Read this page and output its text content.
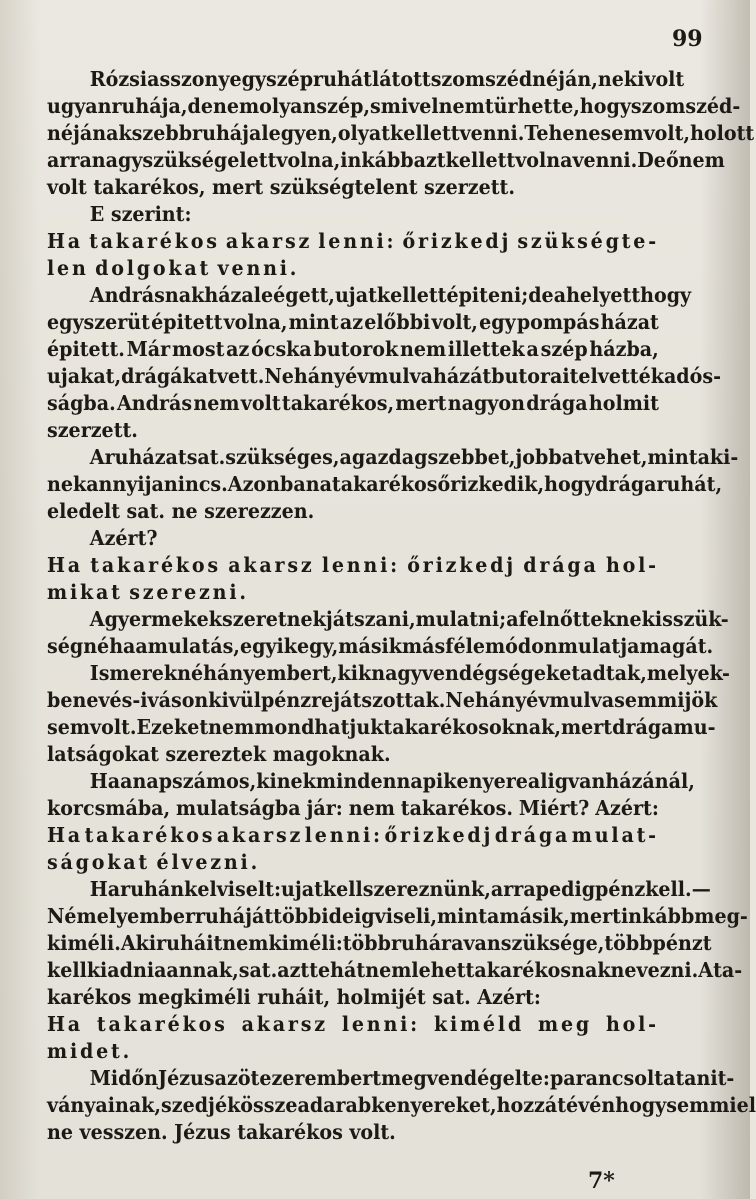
99
Rózsi asszony egy szép ruhát látott szomszédnéján, neki volt
ugyan ruhája, de nem olyan szép, s mivel nem türhette, hogy szomszéd-
néjának szebb ruhája legyen, olyat kellett venni. Tehene sem volt, holott
arra nagy szüksége lett volna, inkább azt kellett volna venni. De ő nem
volt takarékos, mert szükségtelent szerzett.
E szerint:
Ha takarékos akarsz lenni: őrizkedj szükségte-
len dolgokat venni.
Andrásnak háza leégett, ujat kellett épiteni; de a helyett hogy
egyszerüt épitett volna, mint az előbbi volt, egy pompás házat
épitett. Már most az ócska butorok nem illettek a szép házba,
ujakat, drágákat vett. Nehány év mulva házát butorait elvették adós-
ságba. András nem volt takarékos, mert nagyon drága holmit
szerzett.
A ruházat sat. szükséges, a gazdag szebbet, jobbat vehet, mint a ki-
nek annyija nincs. Azonban a takarékos őrizkedik, hogy drága ruhát,
eledelt sat. ne szerezzen.
Azért?
Ha takarékos akarsz lenni: őrizkedj drága hol-
mikat szerezni.
A gyermekek szeretnek játszani, mulatni; a felnőtteknek is szük-
ség néha a mulatás, egyik egy, másik másféle módon mulatja magát.
Ismerek néhány embert, kik nagy vendégségeket adtak, melyek-
ben evés- iváson kivül pénzre játszottak. Nehány év mulva semmijök
sem volt. Ezeket nem mondhatjuk takarékosoknak, mert drága mu-
latságokat szereztek magoknak.
Ha a napszámos, kinek mindennapi kenyere alig van házánál,
korcsmába, mulatságba jár: nem takarékos. Miért? Azért:
Ha takarékos akarsz lenni: őrizkedj drága mulat-
ságokat élvezni.
Ha ruhánk elviselt: ujat kell szereznünk, arra pedig pénz kell. —
Némely ember ruháját több ideig viseli, mint a másik, mert inkább meg-
kiméli. A ki ruháit nem kiméli: több ruhára van szüksége, több pénzt
kell kiadnia annak, sat. azt tehát nem lehet takarékosnak nevezni. A ta-
karékos megkiméli ruháit, holmijét sat. Azért:
Ha takarékos akarsz lenni: kiméld meg hol-
midet.
Midőn Jézus az ötezer embert megvendégelte: parancsolta tanit-
ványainak, szedjék össze a darab kenyereket, hozzátévén hogy semmi el
ne vesszen. Jézus takarékos volt.
7*
